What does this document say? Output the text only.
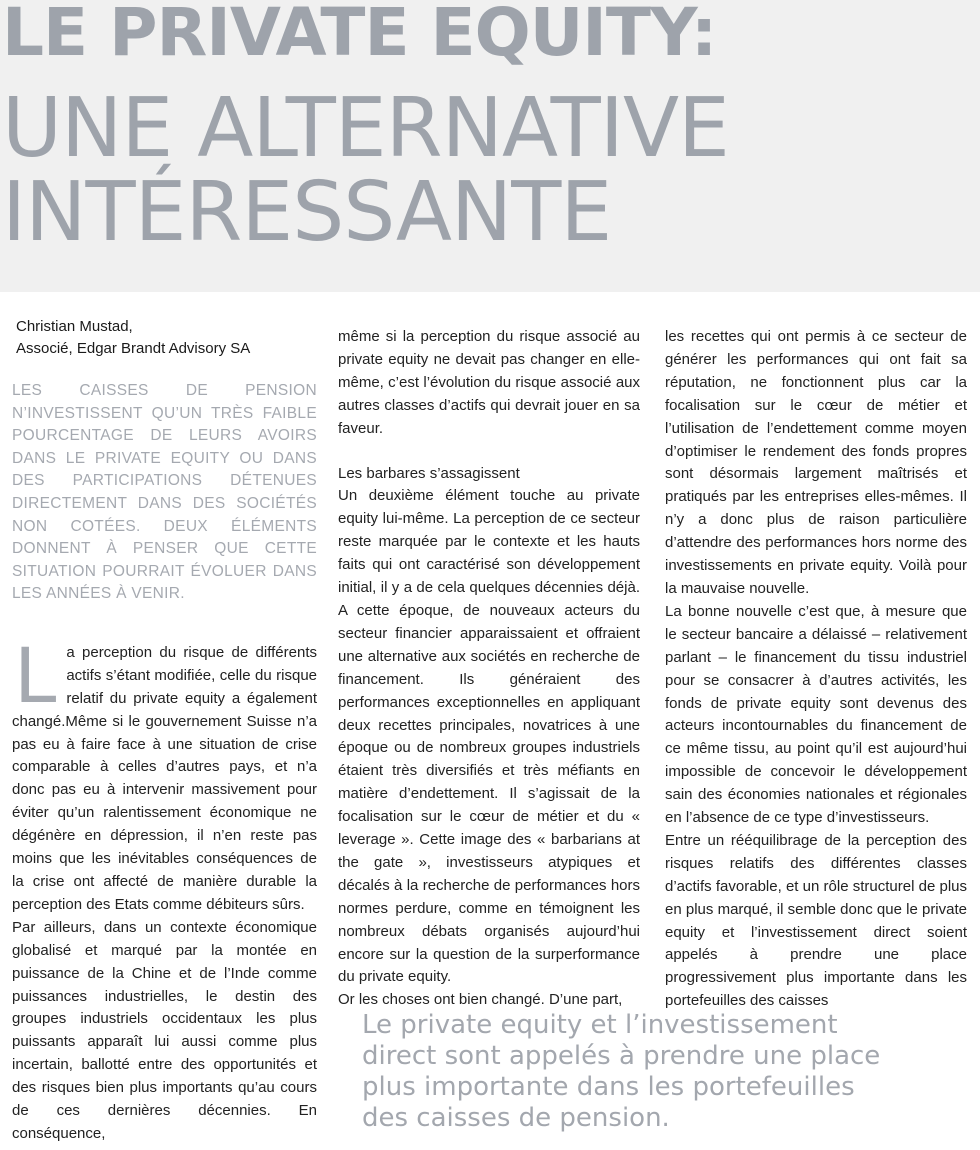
LE PRIVATE EQUITY:
UNE ALTERNATIVE
INTÉRESSANTE

Christian Mustad,

Associé, Edgar Brandt Advisory SA

LES CAISSES DE PENSION N’INVESTISSENT QU’UN TRÈS FAIBLE POURCENTAGE DE LEURS AVOIRS DANS LE PRIVATE EQUITY OU DANS DES PARTICIPATIONS DÉTENUES DIRECTEMENT DANS DES SOCIÉTÉS NON COTÉES. DEUX ÉLÉMENTS DONNENT À PENSER QUE CETTE SITUATION POURRAIT ÉVOLUER DANS LES ANNÉES À VENIR.

La perception du risque de différents actifs s’étant modifiée, celle du risque relatif du private equity a également changé.Même si le gouvernement Suisse n’a pas eu à faire face à une situation de crise comparable à celles d’autres pays, et n’a donc pas eu à intervenir massivement pour éviter qu’un ralentissement économique ne dégénère en dépression, il n’en reste pas moins que les inévitables conséquences de la crise ont affecté de manière durable la perception des Etats comme débiteurs sûrs.

Par ailleurs, dans un contexte économique globalisé et marqué par la montée en puissance de la Chine et de l’Inde comme puissances industrielles, le destin des groupes industriels occidentaux les plus puissants apparaît lui aussi comme plus incertain, ballotté entre des opportunités et des risques bien plus importants qu’au cours de ces dernières décennies. En conséquence,

même si la perception du risque associé au private equity ne devait pas changer en elle-même, c’est l’évolution du risque associé aux autres classes d’actifs qui devrait jouer en sa faveur.

Les barbares s’assagissent

Un deuxième élément touche au private equity lui-même. La perception de ce secteur reste marquée par le contexte et les hauts faits qui ont caractérisé son développement initial, il y a de cela quelques décennies déjà. A cette époque, de nouveaux acteurs du secteur financier apparaissaient et offraient une alternative aux sociétés en recherche de financement. Ils généraient des performances exceptionnelles en appliquant deux recettes principales, novatrices à une époque ou de nombreux groupes industriels étaient très diversifiés et très méfiants en matière d’endettement. Il s’agissait de la focalisation sur le cœur de métier et du « leverage ». Cette image des « barbarians at the gate », investisseurs atypiques et décalés à la recherche de performances hors normes perdure, comme en témoignent les nombreux débats organisés aujourd’hui encore sur la question de la surperformance du private equity.

Or les choses ont bien changé. D’une part,

les recettes qui ont permis à ce secteur de générer les performances qui ont fait sa réputation, ne fonctionnent plus car la focalisation sur le cœur de métier et l’utilisation de l’endettement comme moyen d’optimiser le rendement des fonds propres sont désormais largement maîtrisés et pratiqués par les entreprises elles-mêmes. Il n’y a donc plus de raison particulière d’attendre des performances hors norme des investissements en private equity. Voilà pour la mauvaise nouvelle.

La bonne nouvelle c’est que, à mesure que le secteur bancaire a délaissé – relativement parlant – le financement du tissu industriel pour se consacrer à d’autres activités, les fonds de private equity sont devenus des acteurs incontournables du financement de ce même tissu, au point qu’il est aujourd’hui impossible de concevoir le développement sain des économies nationales et régionales en l’absence de ce type d’investisseurs.

Entre un rééquilibrage de la perception des risques relatifs des différentes classes d’actifs favorable, et un rôle structurel de plus en plus marqué, il semble donc que le private equity et l’investissement direct soient appelés à prendre une place progressivement plus importante dans les portefeuilles des caisses

Le private equity et l’investissement direct sont appelés à prendre une place plus importante dans les portefeuilles des caisses de pension.
